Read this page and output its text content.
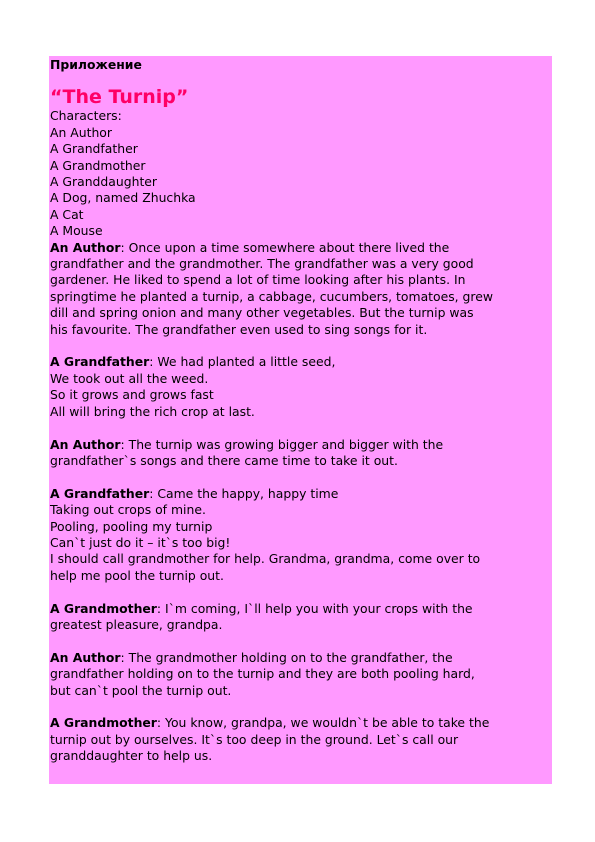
Приложение
“The Turnip”
Characters:
An Author
A Grandfather
A Grandmother
A Granddaughter
A Dog, named Zhuchka
A Cat
A Mouse
An Author: Once upon a time somewhere about there lived the
grandfather and the grandmother. The grandfather was a very good
gardener. He liked to spend a lot of time looking after his plants. In
springtime he planted a turnip, a cabbage, cucumbers, tomatoes, grew
dill and spring onion and many other vegetables. But the turnip was
his favourite. The grandfather even used to sing songs for it.
A Grandfather: We had planted a little seed,
We took out all the weed.
So it grows and grows fast
All will bring the rich crop at last.
An Author: The turnip was growing bigger and bigger with the
grandfather`s songs and there came time to take it out.
A Grandfather: Came the happy, happy time
Taking out crops of mine.
Pooling, pooling my turnip
Can`t just do it – it`s too big!
I should call grandmother for help. Grandma, grandma, come over to
help me pool the turnip out.
A Grandmother: I`m coming, I`ll help you with your crops with the
greatest pleasure, grandpa.
An Author: The grandmother holding on to the grandfather, the
grandfather holding on to the turnip and they are both pooling hard,
but can`t pool the turnip out.
A Grandmother: You know, grandpa, we wouldn`t be able to take the
turnip out by ourselves. It`s too deep in the ground. Let`s call our
granddaughter to help us.
